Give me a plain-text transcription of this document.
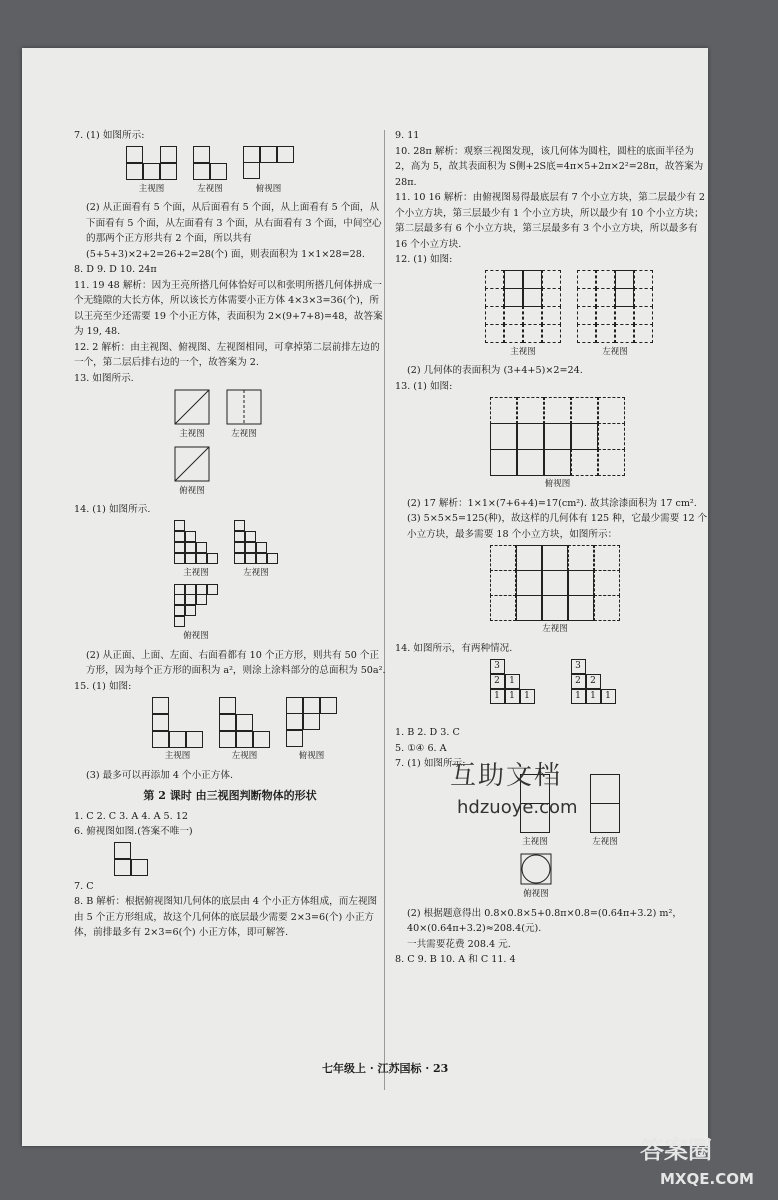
7. (1) 如图所示:

主视图	左视图	俯视图

(2) 从正面看有 5 个面，从后面看有 5 个面，从上面看有 5 个面，从下面看有 5 个面，从左面看有 3 个面，从右面看有 3 个面，中间空心的那两个正方形共有 2 个面，所以共有 (5+5+3)×2+2=26+2=28(个) 面，则表面积为 1×1×28=28.

8. D 9. D 10. 24π

11. 19 48 解析：因为王亮所搭几何体恰好可以和张明所搭几何体拼成一个无缝隙的大长方体，所以该长方体需要小正方体 4×3×3=36(个)，所以王亮至少还需要 19 个小正方体，表面积为 2×(9+7+8)=48，故答案为 19, 48.

12. 2 解析：由主视图、俯视图、左视图相同，可拿掉第二层前排左边的一个，第二层后排右边的一个，故答案为 2.

13. 如图所示.

主视图	左视图
俯视图

14. (1) 如图所示.

主视图	左视图
俯视图

(2) 从正面、上面、左面、右面看都有 10 个正方形，则共有 50 个正方形，因为每个正方形的面积为 a²，则涂上涂料部分的总面积为 50a².

15. (1) 如图:

主视图	左视图	俯视图

(3) 最多可以再添加 4 个小正方体.

第 2 课时 由三视图判断物体的形状

1. C 2. C 3. A 4. A 5. 12

6. 俯视图如图.(答案不唯一)

7. C

8. B 解析：根据俯视图知几何体的底层由 4 个小正方体组成，而左视图由 5 个正方形组成，故这个几何体的底层最少需要 2×3=6(个) 小正方体，前排最多有 2×3=6(个) 小正方体，即可解答.

9. 11

10. 28π 解析：观察三视图发现，该几何体为圆柱，圆柱的底面半径为 2，高为 5，故其表面积为 S侧+2S底=4π×5+2π×2²=28π，故答案为 28π.

11. 10 16 解析：由俯视图易得最底层有 7 个小立方块，第二层最少有 2 个小立方块，第三层最少有 1 个小立方块，所以最少有 10 个小立方块；第二层最多有 6 个小立方块，第三层最多有 3 个小立方块，所以最多有 16 个小立方块.

12. (1) 如图:

主视图	左视图

(2) 几何体的表面积为 (3+4+5)×2=24.

13. (1) 如图:

俯视图

(2) 17 解析：1×1×(7+6+4)=17(cm²). 故其涂漆面积为 17 cm².

(3) 5×5×5=125(种)，故这样的几何体有 125 种，它最少需要 12 个小立方块，最多需要 18 个小立方块，如图所示：

左视图

14. 如图所示，有两种情况.

3
2	1
1	1	1
3
2	2
1	1	1

1. B 2. D 3. C

5. ①④ 6. A

7. (1) 如图所示:

主视图	左视图
俯视图

(2) 根据题意得出 0.8×0.8×5+0.8π×0.8=(0.64π+3.2) m²，40×(0.64π+3.2)≈208.4(元).

一共需要花费 208.4 元.

8. C 9. B 10. A 和 C 11. 4

七年级上 · 江苏国标 · 23
互助文档
hdzuoye.com
答案圈
MXQE.COM
